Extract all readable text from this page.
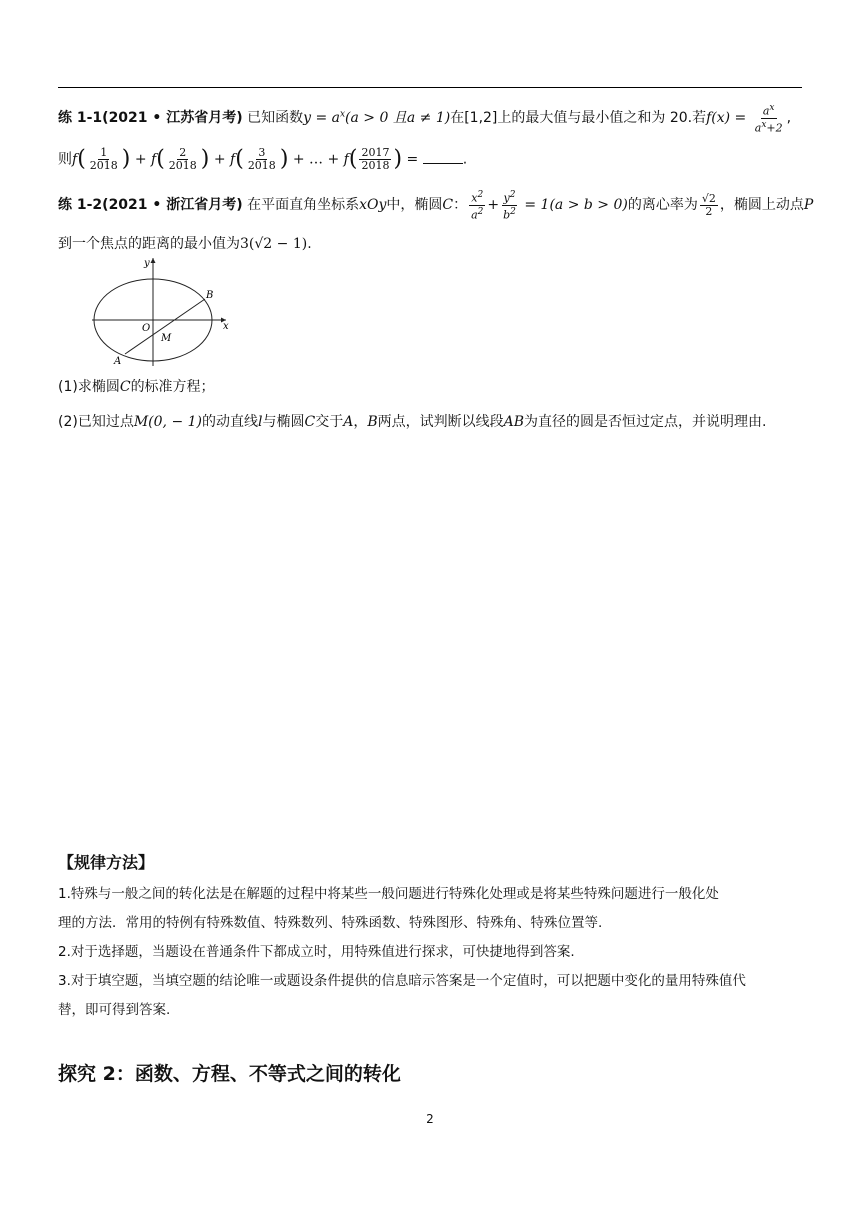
练 1-1(2021 • 江苏省月考) 已知函数$y = a^x(a > 0$ 且a ≠ 1)在[1,2]上的最大值与最小值之和为 20.若$f(x) = \frac{a^x}{a^x+2}$ ,
则$f( \frac{1}{2018}$ ) + $f( \frac{2}{2018}$ ) + $f( \frac{3}{2018}$ ) + … + $f( \frac{2017}{2018}$ ) =	.
练 1-2(2021 • 浙江省月考) 在平面直角坐标系xOy中，椭圆C： $\frac{x^2}{a^2} + \frac{y^2}{b^2} = 1(a > b > 0)$的离心率为 $\frac{√2}{2}$ ，椭圆上动点P
到一个焦点的距离的最小值为3(√2 − 1).
y
x
O
M
B
A
(1)求椭圆C的标准方程；
(2)已知过点M(0, − 1)的动直线l与椭圆C交于A，B两点，试判断以线段AB为直径的圆是否恒过定点，并说明理由.
【规律方法】
1.特殊与一般之间的转化法是在解题的过程中将某些一般问题进行特殊化处理或是将某些特殊问题进行一般化处
理的方法．常用的特例有特殊数值、特殊数列、特殊函数、特殊图形、特殊角、特殊位置等.
2.对于选择题，当题设在普通条件下都成立时，用特殊值进行探求，可快捷地得到答案.
3.对于填空题，当填空题的结论唯一或题设条件提供的信息暗示答案是一个定值时，可以把题中变化的量用特殊值代
替，即可得到答案.
探究 2：函数、方程、不等式之间的转化
2
